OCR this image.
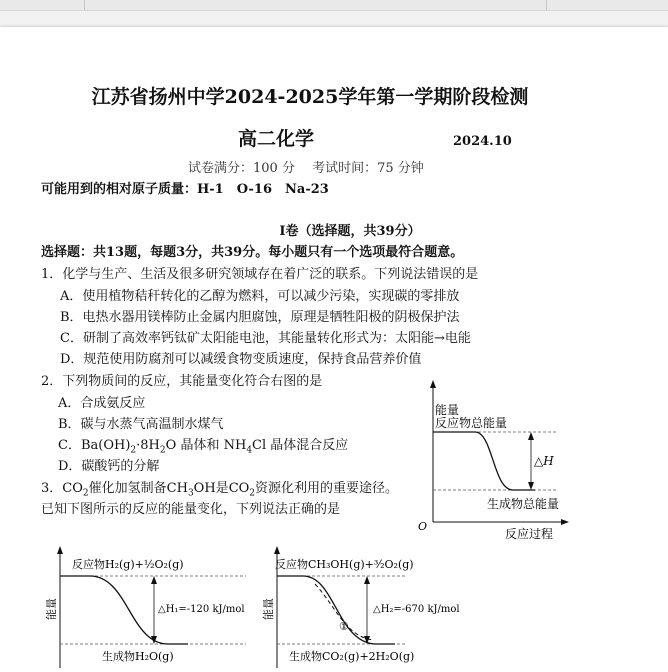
江苏省扬州中学2024-2025学年第一学期阶段检测
高二化学	2024.10
试卷满分：100 分　 考试时间：75 分钟
可能用到的相对原子质量：H-1　O-16　Na-23
Ⅰ卷（选择题，共39分）
选择题：共13题，每题3分，共39分。每小题只有一个选项最符合题意。
1．化学与生产、生活及很多研究领域存在着广泛的联系。下列说法错误的是
A．使用植物秸秆转化的乙醇为燃料，可以减少污染，实现碳的零排放
B．电热水器用镁棒防止金属内胆腐蚀，原理是牺牲阳极的阴极保护法
C．研制了高效率钙钛矿太阳能电池，其能量转化形式为：太阳能→电能
D．规范使用防腐剂可以减缓食物变质速度，保持食品营养价值
2．下列物质间的反应，其能量变化符合右图的是
A．合成氨反应
B．碳与水蒸气高温制水煤气
C．$Ba(OH)_2\cdot 8H_2O$ 晶体和 $NH_4Cl$ 晶体混合反应
D．碳酸钙的分解
3．$CO_2$催化加氢制备$CH_3OH$是$CO_2$资源化利用的重要途径。
已知下图所示的反应的能量变化，下列说法正确的是
能量
反应物总能量
△H
生成物总能量
O
反应过程
能量
反应物H₂(g)+½O₂(g)
△H₁=-120 kJ/mol
生成物H₂O(g)
能量
反应物CH₃OH(g)+³⁄₂O₂(g)
△H₂=-670 kJ/mol
①
生成物CO₂(g)+2H₂O(g)
